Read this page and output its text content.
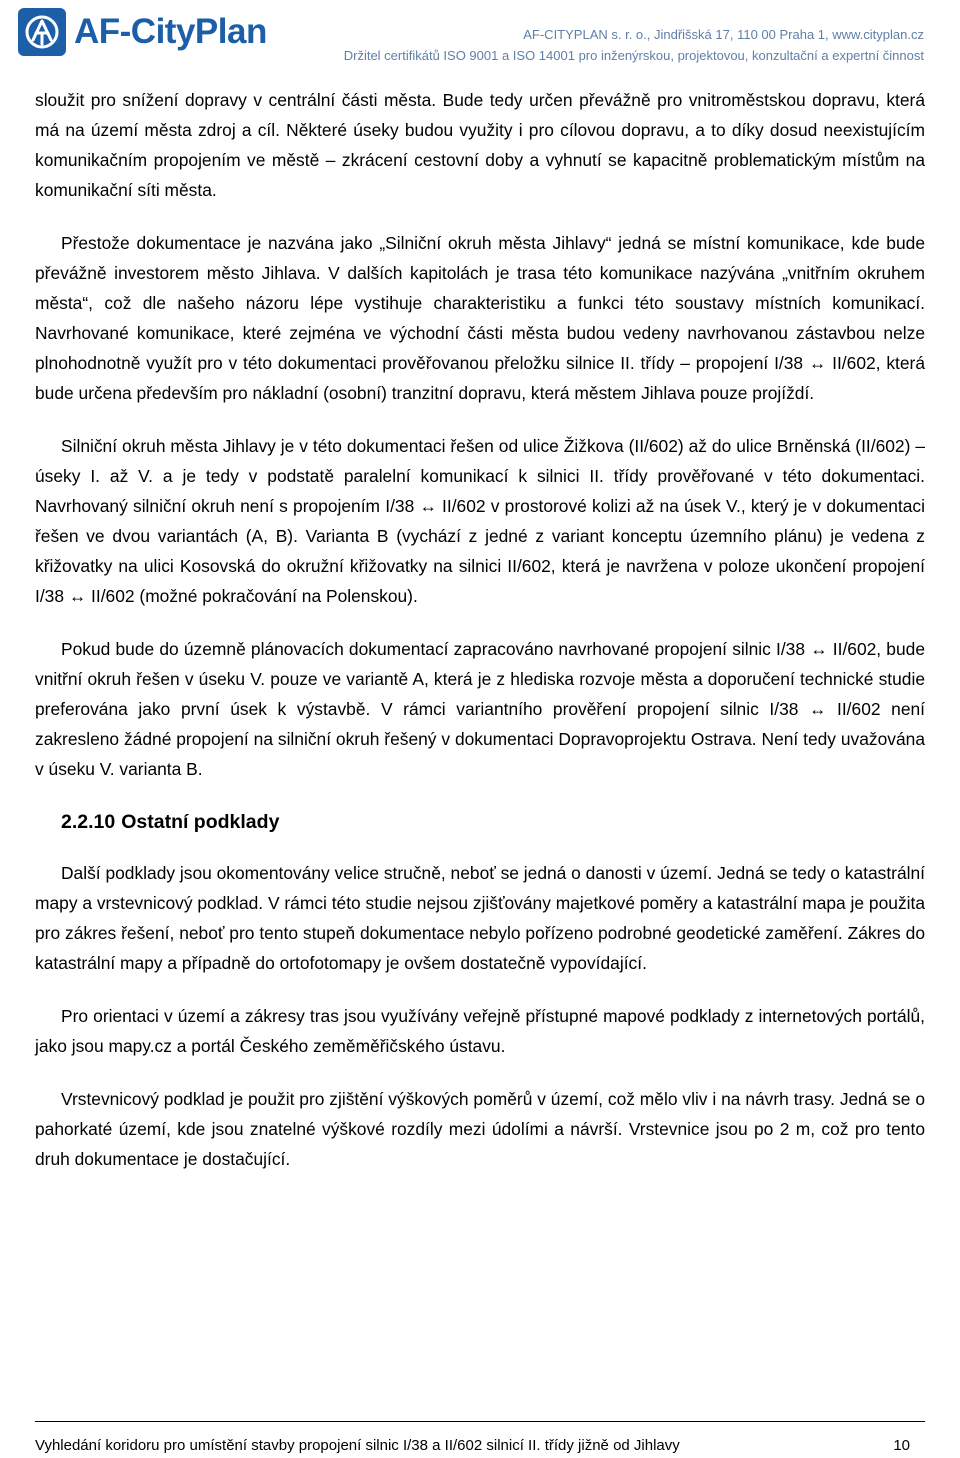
AF-CityPlan	AF-CITYPLAN s. r. o., Jindřišská 17, 110 00 Praha 1, www.cityplan.cz
Držitel certifikátů ISO 9001 a ISO 14001 pro inženýrskou, projektovou, konzultační a expertní činnost

sloužit pro snížení dopravy v centrální části města. Bude tedy určen převážně pro vnitroměstskou dopravu, která má na území města zdroj a cíl. Některé úseky budou využity i pro cílovou dopravu, a to díky dosud neexistujícím komunikačním propojením ve městě – zkrácení cestovní doby a vyhnutí se kapacitně problematickým místům na komunikační síti města.

Přestože dokumentace je nazvána jako „Silniční okruh města Jihlavy“ jedná se místní komunikace, kde bude převážně investorem město Jihlava. V dalších kapitolách je trasa této komunikace nazývána „vnitřním okruhem města“, což dle našeho názoru lépe vystihuje charakteristiku a funkci této soustavy místních komunikací. Navrhované komunikace, které zejména ve východní části města budou vedeny navrhovanou zástavbou nelze plnohodnotně využít pro v této dokumentaci prověřovanou přeložku silnice II. třídy – propojení I/38 ↔ II/602, která bude určena především pro nákladní (osobní) tranzitní dopravu, která městem Jihlava pouze projíždí.

Silniční okruh města Jihlavy je v této dokumentaci řešen od ulice Žižkova (II/602) až do ulice Brněnská (II/602) – úseky I. až V. a je tedy v podstatě paralelní komunikací k silnici II. třídy prověřované v této dokumentaci. Navrhovaný silniční okruh není s propojením I/38 ↔ II/602 v prostorové kolizi až na úsek V., který je v dokumentaci řešen ve dvou variantách (A, B). Varianta B (vychází z jedné z variant konceptu územního plánu) je vedena z křižovatky na ulici Kosovská do okružní křižovatky na silnici II/602, která je navržena v poloze ukončení propojení I/38 ↔ II/602 (možné pokračování na Polenskou).

Pokud bude do územně plánovacích dokumentací zapracováno navrhované propojení silnic I/38 ↔ II/602, bude vnitřní okruh řešen v úseku V. pouze ve variantě A, která je z hlediska rozvoje města a doporučení technické studie preferována jako první úsek k výstavbě. V rámci variantního prověření propojení silnic I/38 ↔ II/602 není zakresleno žádné propojení na silniční okruh řešený v dokumentaci Dopravoprojektu Ostrava. Není tedy uvažována v úseku V. varianta B.

2.2.10 Ostatní podklady

Další podklady jsou okomentovány velice stručně, neboť se jedná o danosti v území. Jedná se tedy o katastrální mapy a vrstevnicový podklad. V rámci této studie nejsou zjišťovány majetkové poměry a katastrální mapa je použita pro zákres řešení, neboť pro tento stupeň dokumentace nebylo pořízeno podrobné geodetické zaměření. Zákres do katastrální mapy a případně do ortofotomapy je ovšem dostatečně vypovídající.

Pro orientaci v území a zákresy tras jsou využívány veřejně přístupné mapové podklady z internetových portálů, jako jsou mapy.cz a portál Českého zeměměřičského ústavu.

Vrstevnicový podklad je použit pro zjištění výškových poměrů v území, což mělo vliv i na návrh trasy. Jedná se o pahorkaté území, kde jsou znatelné výškové rozdíly mezi údolími a návrší. Vrstevnice jsou po 2 m, což pro tento druh dokumentace je dostačující.

Vyhledání koridoru pro umístění stavby propojení silnic I/38 a II/602 silnicí II. třídy jižně od Jihlavy	10
